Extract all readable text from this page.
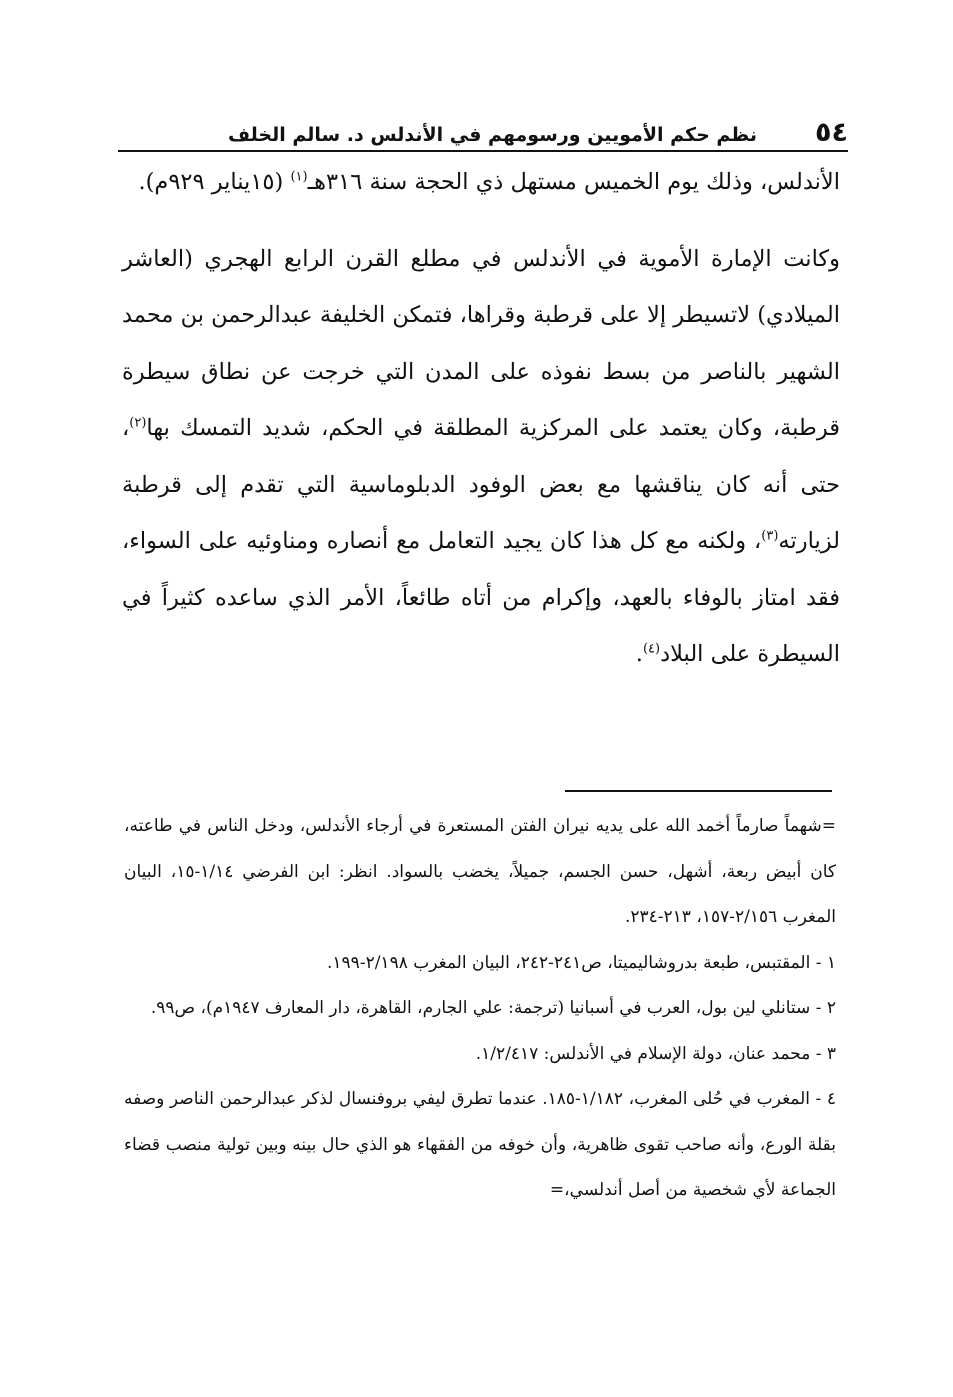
٥٤
نظم حكم الأمويين ورسومهم في الأندلس د. سالم الخلف

الأندلس، وذلك يوم الخميس مستهل ذي الحجة سنة ٣١٦هـ$^{(١)}$ (١٥يناير ٩٢٩م).

وكانت الإمارة الأموية في الأندلس في مطلع القرن الرابع الهجري (العاشر الميلادي) لاتسيطر إلا على قرطبة وقراها، فتمكن الخليفة عبدالرحمن بن محمد الشهير بالناصر من بسط نفوذه على المدن التي خرجت عن نطاق سيطرة قرطبة، وكان يعتمد على المركزية المطلقة في الحكم، شديد التمسك بها$^{(٢)}$، حتى أنه كان يناقشها مع بعض الوفود الدبلوماسية التي تقدم إلى قرطبة لزيارته$^{(٣)}$، ولكنه مع كل هذا كان يجيد التعامل مع أنصاره ومناوئيه على السواء، فقد امتاز بالوفاء بالعهد، وإكرام من أتاه طائعاً، الأمر الذي ساعده كثيراً في السيطرة على البلاد$^{(٤)}$.

=شهماً صارماً أخمد الله على يديه نيران الفتن المستعرة في أرجاء الأندلس، ودخل الناس في طاعته، كان أبيض ربعة، أشهل، حسن الجسم، جميلاً، يخضب بالسواد. انظر: ابن الفرضي ١/١٤-١٥، البيان المغرب ٢/١٥٦-١٥٧، ٢١٣-٢٣٤.

١ - المقتبس، طبعة بدروشاليميتا، ص٢٤١-٢٤٢، البيان المغرب ٢/١٩٨-١٩٩.

٢ - ستانلي لين بول، العرب في أسبانيا (ترجمة: علي الجارم، القاهرة، دار المعارف ١٩٤٧م)، ص٩٩.

٣ - محمد عنان، دولة الإسلام في الأندلس: ١/٢/٤١٧.

٤ - المغرب في حُلى المغرب، ١/١٨٢-١٨٥. عندما تطرق ليفي بروفنسال لذكر عبدالرحمن الناصر وصفه بقلة الورع، وأنه صاحب تقوى ظاهرية، وأن خوفه من الفقهاء هو الذي حال بينه وبين تولية منصب قضاء الجماعة لأي شخصية من أصل أندلسي،=
